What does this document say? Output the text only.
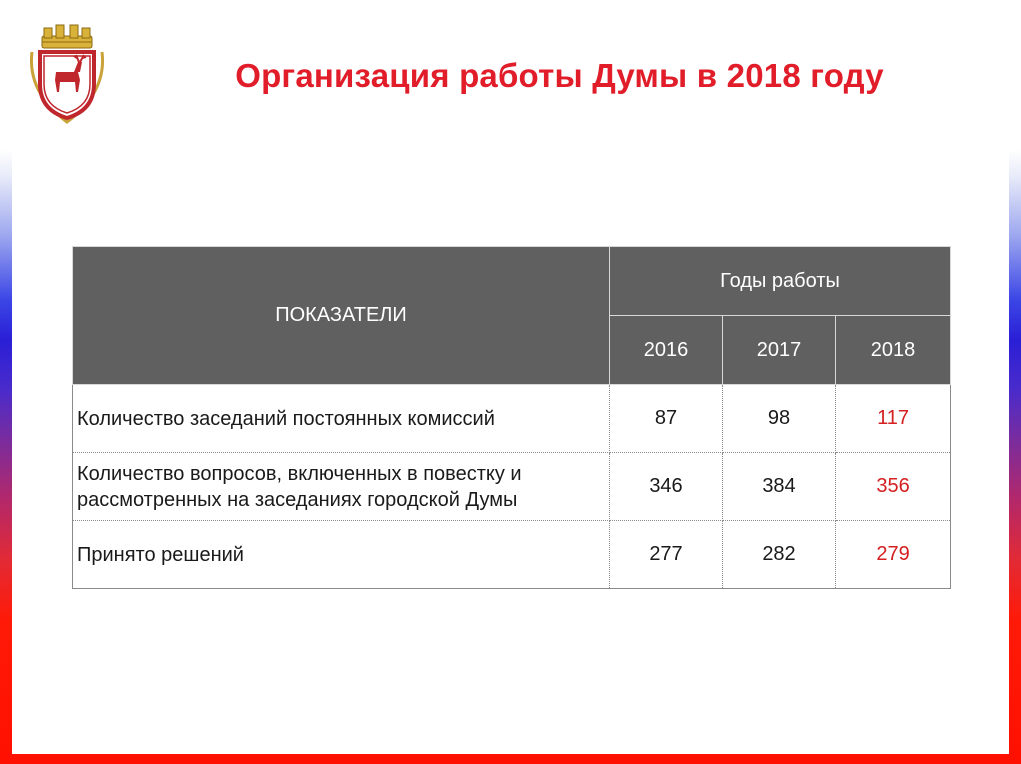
Организация работы Думы в 2018 году
ПОКАЗАТЕЛИ	Годы работы		
	2016	2017	2018
Количество заседаний постоянных комиссий	87	98	117
Количество вопросов, включенных в повестку и рассмотренных на заседаниях городской Думы	346	384	356
Принято решений	277	282	279
